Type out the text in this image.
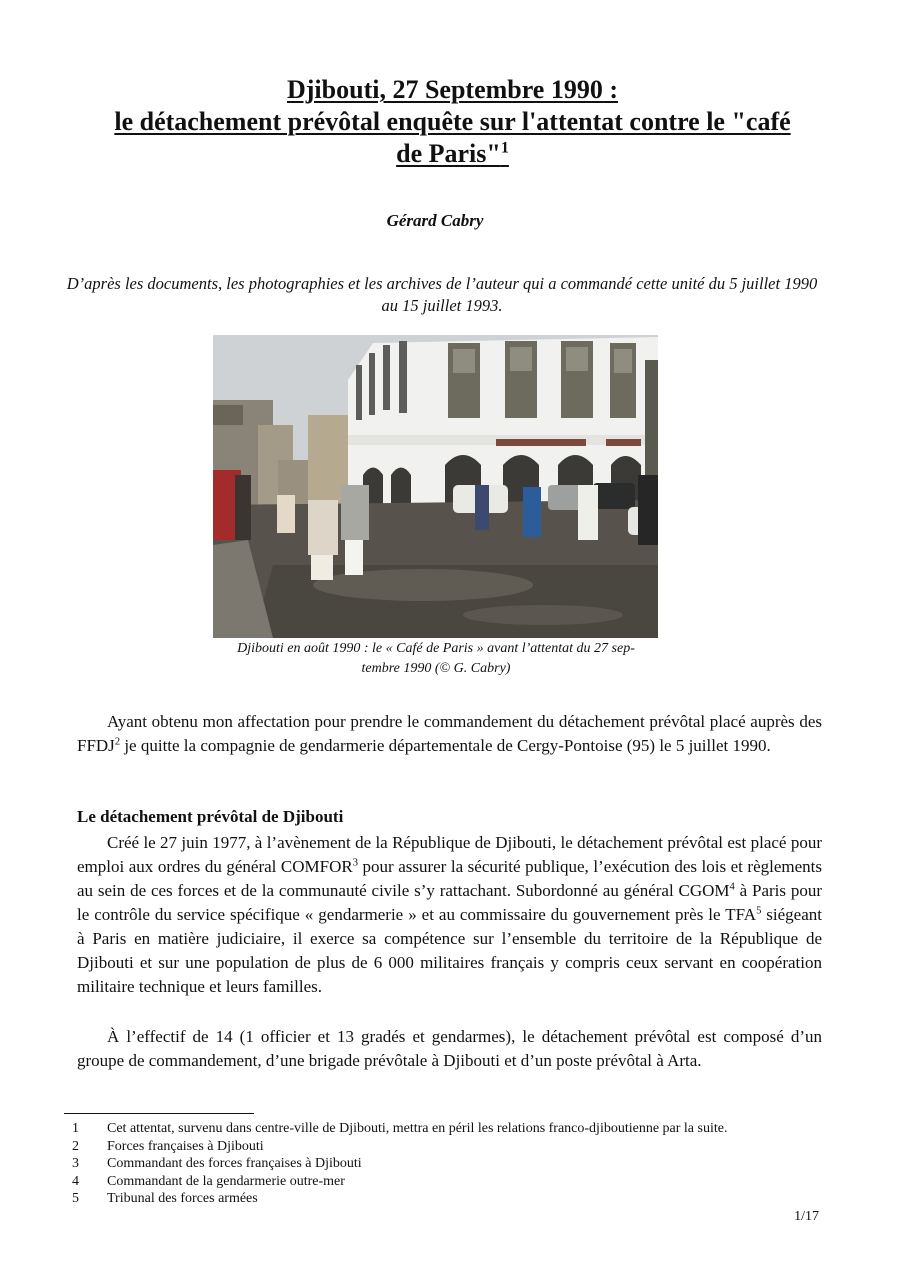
Djibouti, 27 Septembre 1990 :
le détachement prévôtal enquête sur l'attentat contre le "café
de Paris"$^1$
Gérard Cabry
D’après les documents, les photographies et les archives de l’auteur qui a commandé cette unité du 5 juillet 1990 au 15 juillet 1993.
Djibouti en août 1990 : le « Café de Paris » avant l’attentat du 27 sep-
tembre 1990 (© G. Cabry)

Ayant obtenu mon affectation pour prendre le commandement du détachement prévôtal placé auprès des FFDJ$^2$ je quitte la compagnie de gendarmerie départementale de Cergy-Pontoise (95) le 5 juillet 1990.

Le détachement prévôtal de Djibouti

Créé le 27 juin 1977, à l’avènement de la République de Djibouti, le détachement prévôtal est placé pour emploi aux ordres du général COMFOR$^3$ pour assurer la sécurité publique, l’exécution des lois et règlements au sein de ces forces et de la communauté civile s’y rattachant. Subordonné au général CGOM$^4$ à Paris pour le contrôle du service spécifique « gendarmerie » et au commissaire du gouvernement près le TFA$^5$ siégeant à Paris en matière judiciaire, il exerce sa compétence sur l’ensemble du territoire de la République de Djibouti et sur une population de plus de 6 000 militaires français y compris ceux servant en coopération militaire technique et leurs familles.

À l’effectif de 14 (1 officier et 13 gradés et gendarmes), le détachement prévôtal est composé d’un groupe de commandement, d’une brigade prévôtale à Djibouti et d’un poste prévôtal à Arta.

1	Cet attentat, survenu dans centre-ville de Djibouti, mettra en péril les relations franco-djiboutienne par la suite.
2	Forces françaises à Djibouti
3	Commandant des forces françaises à Djibouti
4	Commandant de la gendarmerie outre-mer
5	Tribunal des forces armées
1/17
